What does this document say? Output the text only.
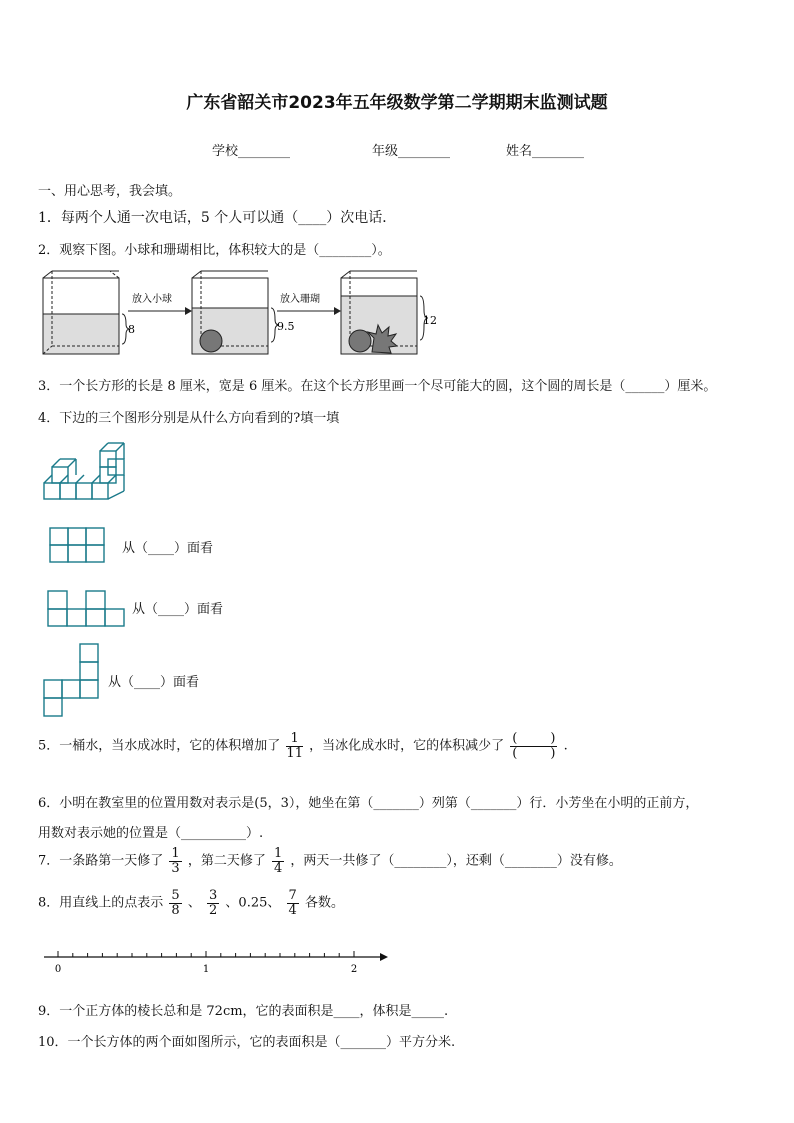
广东省韶关市2023年五年级数学第二学期期末监测试题
学校________	年级________	姓名________
一、用心思考，我会填。
1．每两个人通一次电话，5 个人可以通（____）次电话．
2．观察下图。小球和珊瑚相比，体积较大的是（________）。
8
放入小球
9.5
放入珊瑚
12
3．一个长方形的长是 8 厘米，宽是 6 厘米。在这个长方形里画一个尽可能大的圆，这个圆的周长是（______）厘米。
4．下边的三个图形分别是从什么方向看到的?填一填
从（____）面看
从（____）面看
从（____）面看
5．一桶水，当水成冰时，它的体积增加了 $\frac{1}{11}$ ，当冰化成水时，它的体积减少了 $\frac{( )}{( )}$ .
6．小明在教室里的位置用数对表示是(5，3），她坐在第（_______）列第（_______）行．小芳坐在小明的正前方，
用数对表示她的位置是（__________）.
7．一条路第一天修了 $\frac{1}{3}$ ，第二天修了 $\frac{1}{4}$ ，两天一共修了（________），还剩（________）没有修。
8．用直线上的点表示 $\frac{5}{8}$ 、 $\frac{3}{2}$ 、0.25、 $\frac{7}{4}$ 各数。
0	1	2
9．一个正方体的棱长总和是 72cm，它的表面积是____，体积是_____.
10．一个长方体的两个面如图所示，它的表面积是（_______）平方分米.
